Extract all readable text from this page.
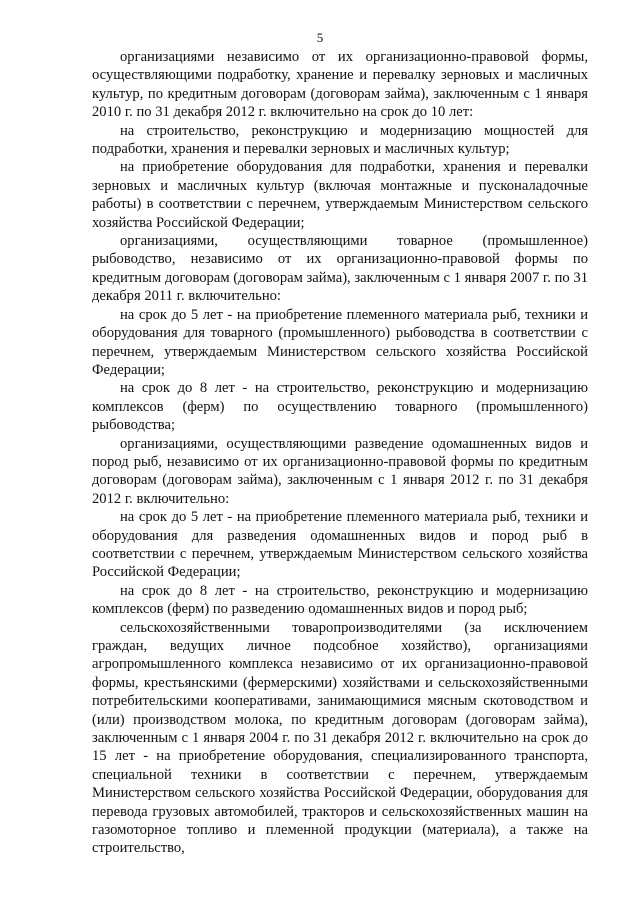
5

организациями независимо от их организационно-правовой формы, осуществляющими подработку, хранение и перевалку зерновых и масличных культур, по кредитным договорам (договорам займа), заключенным с 1 января 2010 г. по 31 декабря 2012 г. включительно на срок до 10 лет:

на строительство, реконструкцию и модернизацию мощностей для подработки, хранения и перевалки зерновых и масличных культур;

на приобретение оборудования для подработки, хранения и перевалки зерновых и масличных культур (включая монтажные и пусконаладочные работы) в соответствии с перечнем, утверждаемым Министерством сельского хозяйства Российской Федерации;

организациями, осуществляющими товарное (промышленное) рыбоводство, независимо от их организационно-правовой формы по кредитным договорам (договорам займа), заключенным с 1 января 2007 г. по 31 декабря 2011 г. включительно:

на срок до 5 лет - на приобретение племенного материала рыб, техники и оборудования для товарного (промышленного) рыбоводства в соответствии с перечнем, утверждаемым Министерством сельского хозяйства Российской Федерации;

на срок до 8 лет - на строительство, реконструкцию и модернизацию комплексов (ферм) по осуществлению товарного (промышленного) рыбоводства;

организациями, осуществляющими разведение одомашненных видов и пород рыб, независимо от их организационно-правовой формы по кредитным договорам (договорам займа), заключенным с 1 января 2012 г. по 31 декабря 2012 г. включительно:

на срок до 5 лет - на приобретение племенного материала рыб, техники и оборудования для разведения одомашненных видов и пород рыб в соответствии с перечнем, утверждаемым Министерством сельского хозяйства Российской Федерации;

на срок до 8 лет - на строительство, реконструкцию и модернизацию комплексов (ферм) по разведению одомашненных видов и пород рыб;

сельскохозяйственными товаропроизводителями (за исключением граждан, ведущих личное подсобное хозяйство), организациями агропромышленного комплекса независимо от их организационно-правовой формы, крестьянскими (фермерскими) хозяйствами и сельскохозяйственными потребительскими кооперативами, занимающимися мясным скотоводством и (или) производством молока, по кредитным договорам (договорам займа), заключенным с 1 января 2004 г. по 31 декабря 2012 г. включительно на срок до 15 лет - на приобретение оборудования, специализированного транспорта, специальной техники в соответствии с перечнем, утверждаемым Министерством сельского хозяйства Российской Федерации, оборудования для перевода грузовых автомобилей, тракторов и сельскохозяйственных машин на газомоторное топливо и племенной продукции (материала), а также на строительство,
